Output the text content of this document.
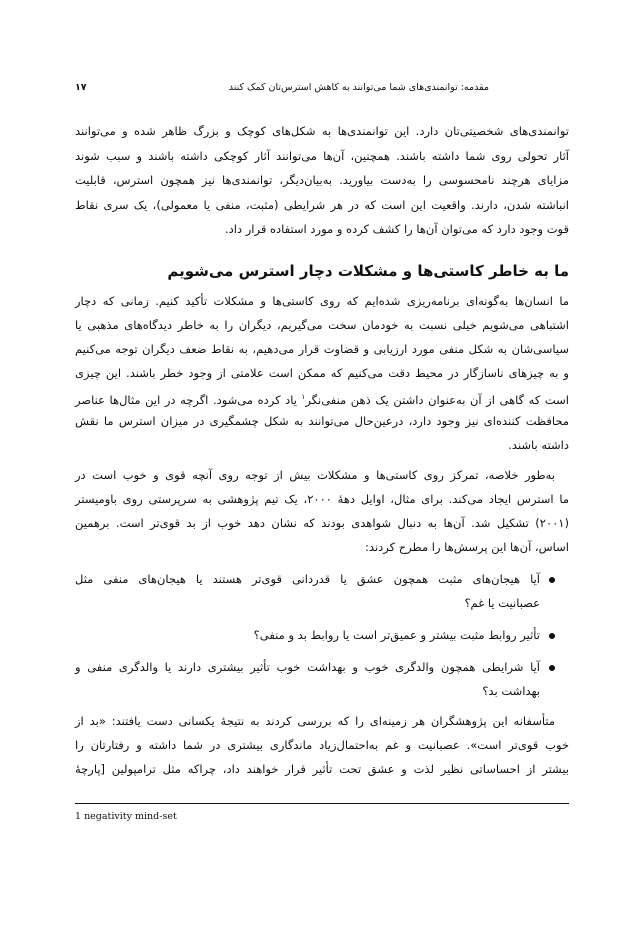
۱۷	مقدمه: توانمندی‌های شما می‌توانند به کاهش استرس‌تان کمک کنند
توانمندی‌های شخصیتی‌تان دارد. این توانمندی‌ها به شکل‌های کوچک و بزرگ ظاهر شده و می‌توانند
آثار تحولی روی شما داشته باشند. همچنین، آن‌ها می‌توانند آثار کوچکی داشته باشند و سبب شوند
مزایای هرچند نامحسوسی را به‌دست بیاورید. به‌بیان‌دیگر، توانمندی‌ها نیز همچون استرس، قابلیت
انباشته شدن، دارند. واقعیت این است که در هر شرایطی (مثبت، منفی یا معمولی)، یک سری نقاط
قوت وجود دارد که می‌توان آن‌ها را کشف کرده و مورد استفاده قرار داد.
ما به خاطر کاستی‌ها و مشکلات دچار استرس می‌شویم
ما انسان‌ها به‌گونه‌ای برنامه‌ریزی شده‌ایم که روی کاستی‌ها و مشکلات تأکید کنیم. زمانی که دچار
اشتباهی می‌شویم خیلی نسبت به خودمان سخت می‌گیریم، دیگران را به خاطر دیدگاه‌های مذهبی یا
سیاسی‌شان به شکل منفی مورد ارزیابی و قضاوت قرار می‌دهیم، به نقاط ضعف دیگران توجه می‌کنیم
و به چیزهای ناسازگار در محیط دقت می‌کنیم که ممکن است علامتی از وجود خطر باشند. این چیزی
است که گاهی از آن به‌عنوان داشتن یک ذهن منفی‌نگر$^۱$ یاد کرده می‌شود. اگرچه در این مثال‌ها عناصر
محافظت کننده‌ای نیز وجود دارد، درعین‌حال می‌توانند به شکل چشمگیری در میزان استرس ما نقش
داشته باشند.
به‌طور خلاصه، تمرکز روی کاستی‌ها و مشکلات بیش از توجه روی آنچه قوی و خوب است در
ما استرس ایجاد می‌کند. برای مثال، اوایل دههٔ ۲۰۰۰، یک تیم پژوهشی به سرپرستی روی باومیستر
(۲۰۰۱) تشکیل شد. آن‌ها به دنبال شواهدی بودند که نشان دهد خوب از بد قوی‌تر است. برهمین
اساس، آن‌ها این پرسش‌ها را مطرح کردند:
آیا هیجان‌های مثبت همچون عشق یا قدردانی قوی‌تر هستند یا هیجان‌های منفی مثل
عصبانیت یا غم؟
تأثیر روابط مثبت بیشتر و عمیق‌تر است یا روابط بد و منفی؟
آیا شرایطی همچون والدگری خوب و بهداشت خوب تأثیر بیشتری دارند یا والدگری منفی و
بهداشت بد؟
متأسفانه این پژوهشگران هر زمینه‌ای را که بررسی کردند به نتیجهٔ یکسانی دست یافتند: «بد از
خوب قوی‌تر است». عصبانیت و غم به‌احتمال‌زیاد ماندگاری بیشتری در شما داشته و رفتارتان را
بیشتر از احساساتی نظیر لذت و عشق تحت تأثیر قرار خواهند داد، چراکه مثل ترامپولین [پارچهٔ
1 negativity mind-set
